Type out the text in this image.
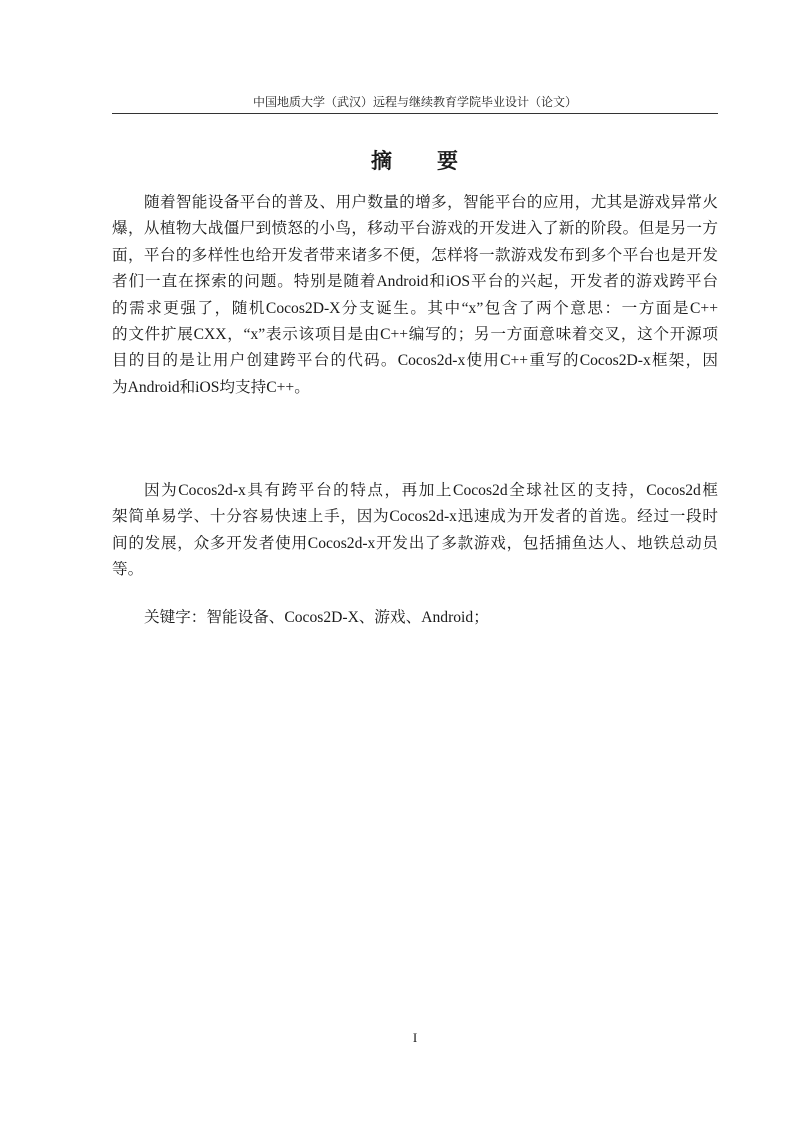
中国地质大学（武汉）远程与继续教育学院毕业设计（论文）
摘　　要

随着智能设备平台的普及、用户数量的增多，智能平台的应用，尤其是游戏异常火
爆，从植物大战僵尸到愤怒的小鸟，移动平台游戏的开发进入了新的阶段。但是另一方
面，平台的多样性也给开发者带来诸多不便，怎样将一款游戏发布到多个平台也是开发
者们一直在探索的问题。特别是随着Android和iOS平台的兴起，开发者的游戏跨平台
的需求更强了，随机Cocos2D-X分支诞生。其中“x”包含了两个意思：一方面是C++
的文件扩展CXX，“x”表示该项目是由C++编写的；另一方面意味着交叉，这个开源项
目的目的是让用户创建跨平台的代码。Cocos2d-x使用C++重写的Cocos2D-x框架，因
为Android和iOS均支持C++。

因为Cocos2d-x具有跨平台的特点，再加上Cocos2d全球社区的支持，Cocos2d框
架简单易学、十分容易快速上手，因为Cocos2d-x迅速成为开发者的首选。经过一段时
间的发展，众多开发者使用Cocos2d-x开发出了多款游戏，包括捕鱼达人、地铁总动员
等。

关键字：智能设备、Cocos2D-X、游戏、Android；
I
